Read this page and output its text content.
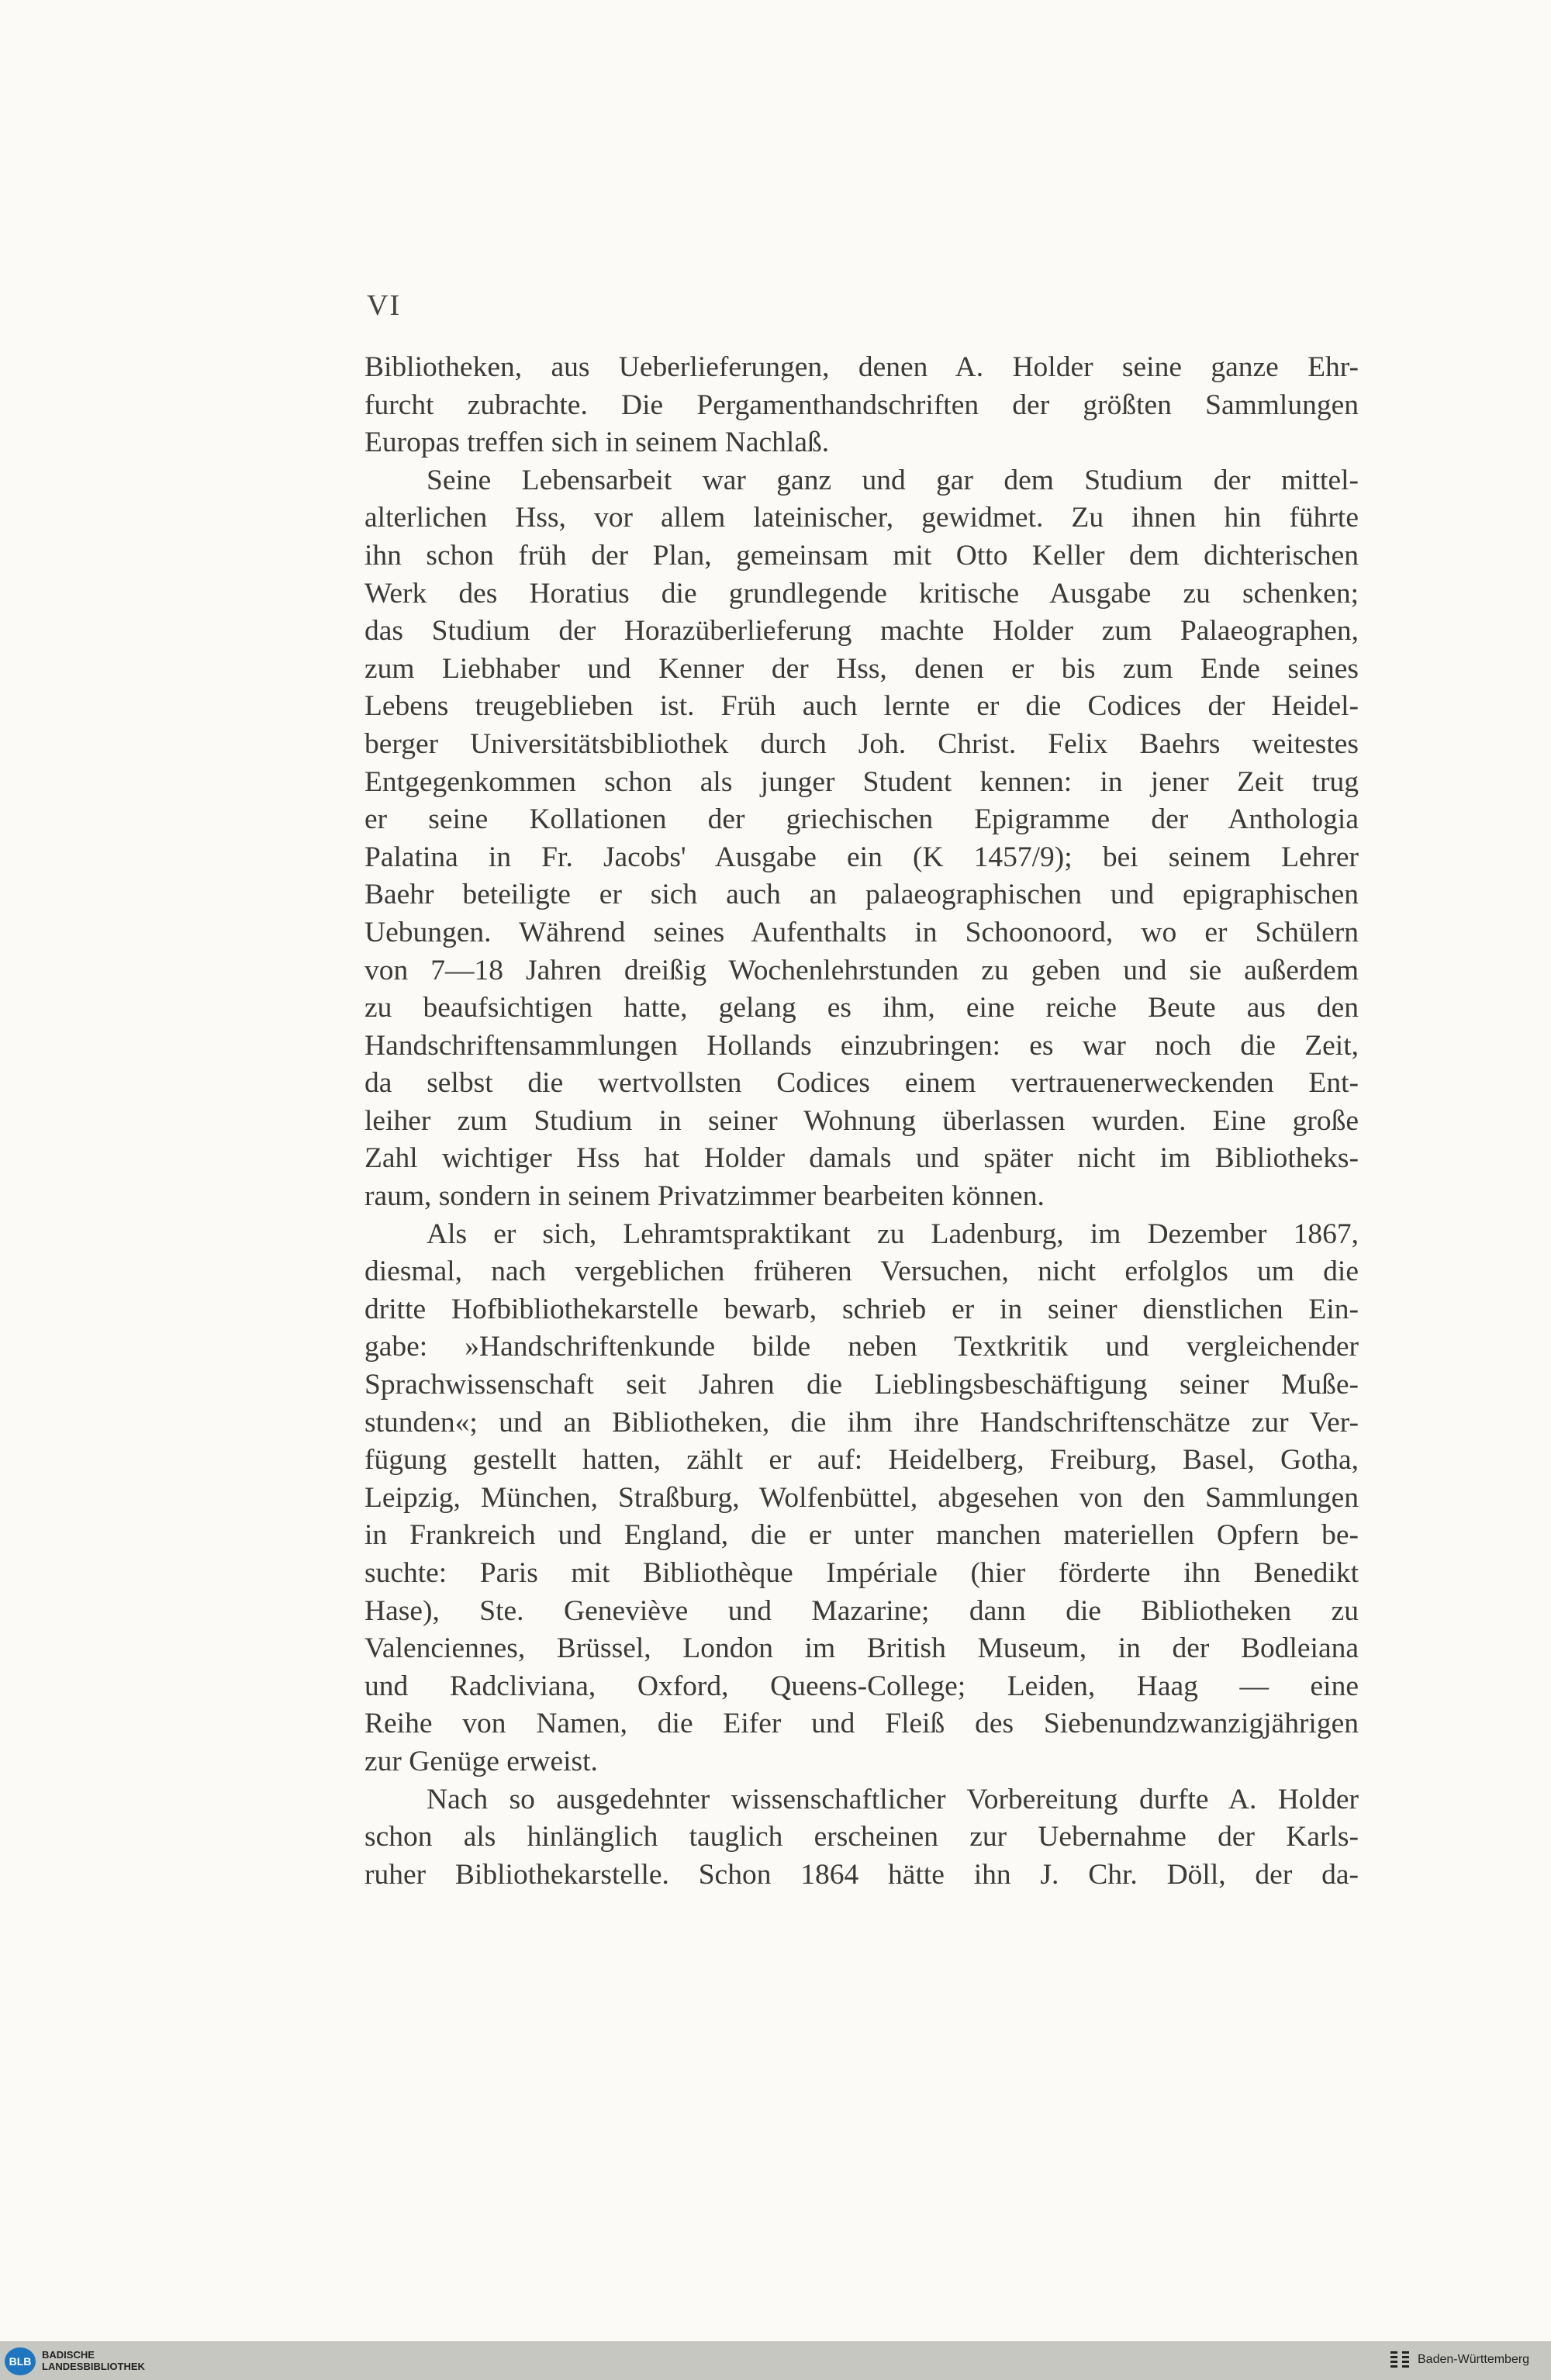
VI

Bibliotheken, aus Ueberlieferungen, denen A. Holder seine ganze Ehr-
furcht zubrachte. Die Pergamenthandschriften der größten Sammlungen
Europas treffen sich in seinem Nachlaß.

Seine Lebensarbeit war ganz und gar dem Studium der mittel-
alterlichen Hss, vor allem lateinischer, gewidmet. Zu ihnen hin führte
ihn schon früh der Plan, gemeinsam mit Otto Keller dem dichterischen
Werk des Horatius die grundlegende kritische Ausgabe zu schenken;
das Studium der Horazüberlieferung machte Holder zum Palaeographen,
zum Liebhaber und Kenner der Hss, denen er bis zum Ende seines
Lebens treugeblieben ist. Früh auch lernte er die Codices der Heidel-
berger Universitätsbibliothek durch Joh. Christ. Felix Baehrs weitestes
Entgegenkommen schon als junger Student kennen: in jener Zeit trug
er seine Kollationen der griechischen Epigramme der Anthologia
Palatina in Fr. Jacobs' Ausgabe ein (K 1457/9); bei seinem Lehrer
Baehr beteiligte er sich auch an palaeographischen und epigraphischen
Uebungen. Während seines Aufenthalts in Schoonoord, wo er Schülern
von 7—18 Jahren dreißig Wochenlehrstunden zu geben und sie außerdem
zu beaufsichtigen hatte, gelang es ihm, eine reiche Beute aus den
Handschriftensammlungen Hollands einzubringen: es war noch die Zeit,
da selbst die wertvollsten Codices einem vertrauenerweckenden Ent-
leiher zum Studium in seiner Wohnung überlassen wurden. Eine große
Zahl wichtiger Hss hat Holder damals und später nicht im Bibliotheks-
raum, sondern in seinem Privatzimmer bearbeiten können.

Als er sich, Lehramtspraktikant zu Ladenburg, im Dezember 1867,
diesmal, nach vergeblichen früheren Versuchen, nicht erfolglos um die
dritte Hofbibliothekarstelle bewarb, schrieb er in seiner dienstlichen Ein-
gabe: »Handschriftenkunde bilde neben Textkritik und vergleichender
Sprachwissenschaft seit Jahren die Lieblingsbeschäftigung seiner Muße-
stunden«; und an Bibliotheken, die ihm ihre Handschriftenschätze zur Ver-
fügung gestellt hatten, zählt er auf: Heidelberg, Freiburg, Basel, Gotha,
Leipzig, München, Straßburg, Wolfenbüttel, abgesehen von den Sammlungen
in Frankreich und England, die er unter manchen materiellen Opfern be-
suchte: Paris mit Bibliothèque Impériale (hier förderte ihn Benedikt
Hase), Ste. Geneviève und Mazarine; dann die Bibliotheken zu
Valenciennes, Brüssel, London im British Museum, in der Bodleiana
und Radcliviana, Oxford, Queens-College; Leiden, Haag — eine
Reihe von Namen, die Eifer und Fleiß des Siebenundzwanzigjährigen
zur Genüge erweist.

Nach so ausgedehnter wissenschaftlicher Vorbereitung durfte A. Holder
schon als hinlänglich tauglich erscheinen zur Uebernahme der Karls-
ruher Bibliothekarstelle. Schon 1864 hätte ihn J. Chr. Döll, der da-

BLB
BADISCHE
LANDESBIBLIOTHEK
Baden-Württemberg
